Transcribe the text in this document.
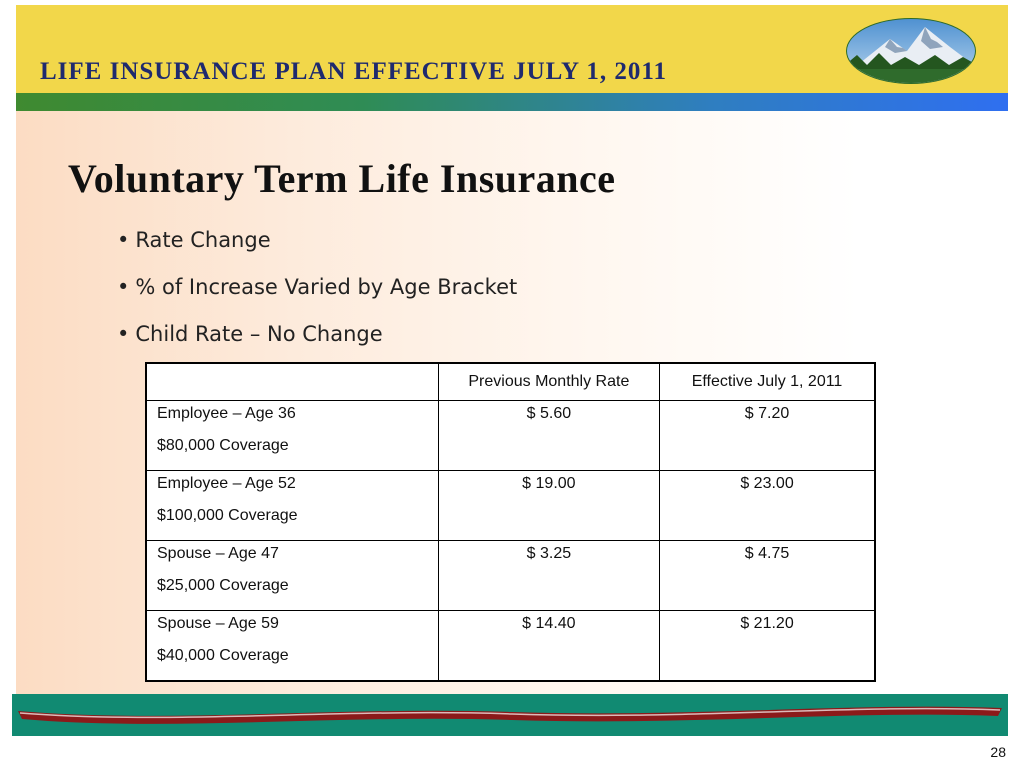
LIFE INSURANCE PLAN EFFECTIVE JULY 1, 2011
Voluntary Term Life Insurance
• Rate Change
• % of Increase Varied by Age Bracket
• Child Rate – No Change
	Previous Monthly Rate	Effective July 1, 2011
Employee – Age 36
$80,000 Coverage	$ 5.60	$ 7.20
Employee – Age 52
$100,000 Coverage	$ 19.00	$ 23.00
Spouse – Age 47
$25,000 Coverage	$ 3.25	$ 4.75
Spouse – Age 59
$40,000 Coverage	$ 14.40	$ 21.20
28
